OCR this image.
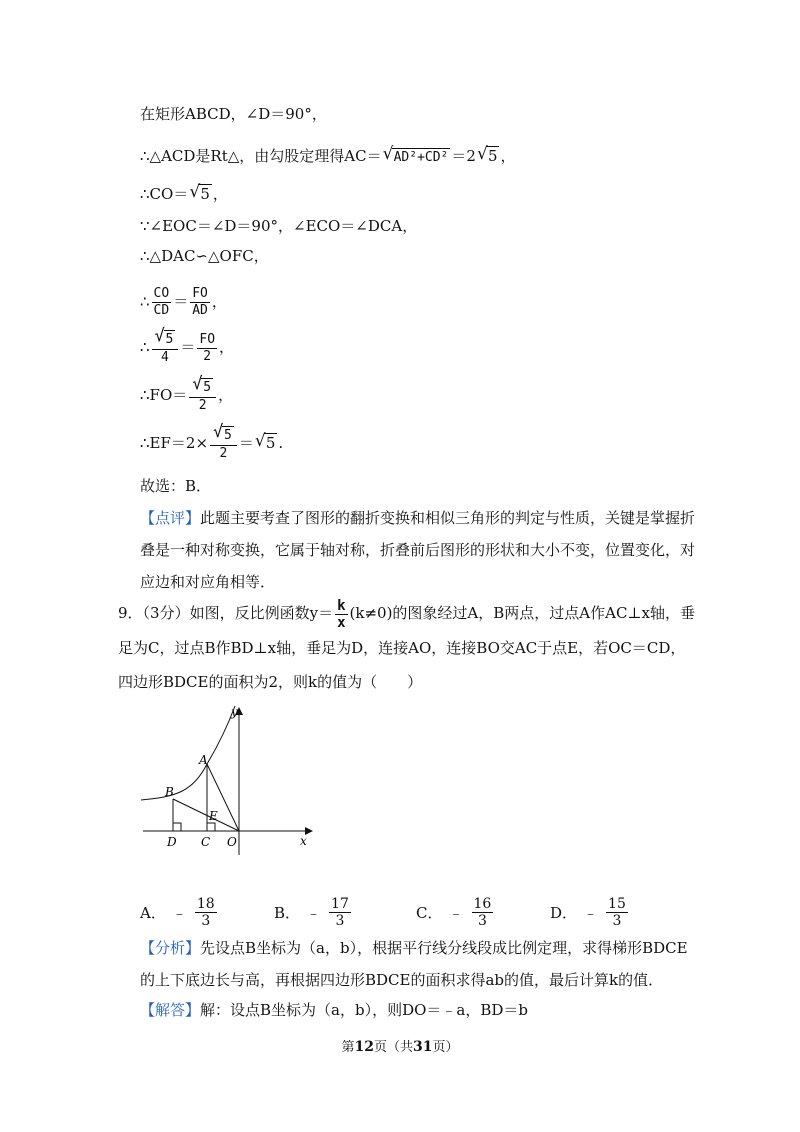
在矩形ABCD，∠D＝90°，
∴△ACD是Rt△，由勾股定理得AC＝ √ AD²+CD² ＝2 √ 5 ，
∴CO＝ √ 5 ，
∵∠EOC＝∠D＝90°，∠ECO＝∠DCA，
∴△DAC∽△OFC，
∴ $\frac{CO}{CD} = \frac{FO}{AD}$ ，
∴ $\frac{√ 5}{4} = \frac{FO}{2}$ ，
∴FO＝ $\frac{√ 5}{2}$ ，
∴EF＝2× $\frac{√ 5}{2}$ ＝ √ 5 .
故选：B．
【点评】此题主要考查了图形的翻折变换和相似三角形的判定与性质，关键是掌握折叠是一种对称变换，它属于轴对称，折叠前后图形的形状和大小不变，位置变化，对应边和对应角相等．
9．（3分）如图，反比例函数$y= \frac{k}{x} (k\ne 0)$的图象经过A，B两点，过点A作AC⊥x轴，垂足为C，过点B作BD⊥x轴，垂足为D，连接AO，连接BO交AC于点E，若OC＝CD，四边形BDCE的面积为2，则k的值为（　　）
y
x
A
B
E
D C O
A． ﹣ $\frac{18}{3}$	B． ﹣ $\frac{17}{3}$	C． ﹣ $\frac{16}{3}$	D． ﹣ $\frac{15}{3}$
【分析】先设点B坐标为（a，b），根据平行线分线段成比例定理，求得梯形BDCE的上下底边长与高，再根据四边形BDCE的面积求得ab的值，最后计算k的值．
【解答】解：设点B坐标为（a，b），则DO＝﹣a，BD＝b
第12页（共31页）
